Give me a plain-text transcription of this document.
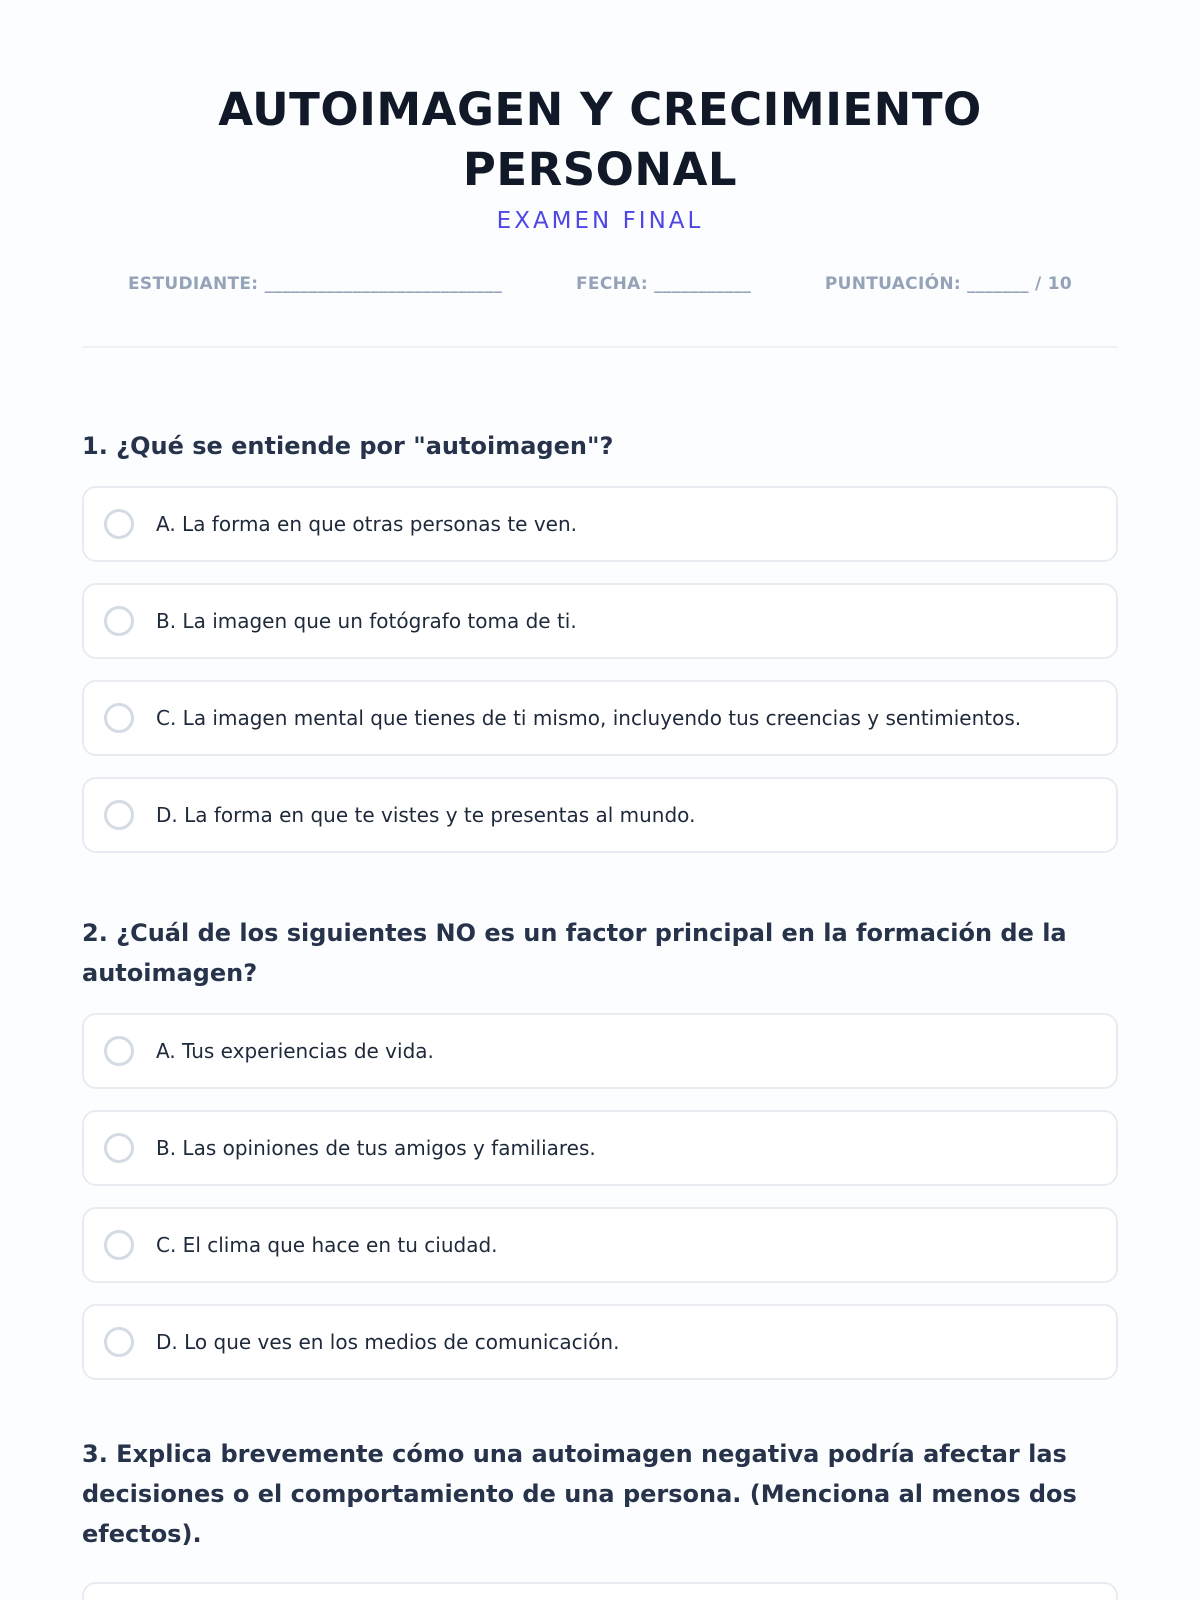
AUTOIMAGEN Y CRECIMIENTO PERSONAL
EXAMEN FINAL
ESTUDIANTE: ___________________________	FECHA: ___________	PUNTUACIÓN: _______ / 10

1. ¿Qué se entiende por "autoimagen"?

A. La forma en que otras personas te ven.
B. La imagen que un fotógrafo toma de ti.
C. La imagen mental que tienes de ti mismo, incluyendo tus creencias y sentimientos.
D. La forma en que te vistes y te presentas al mundo.

2. ¿Cuál de los siguientes NO es un factor principal en la formación de la autoimagen?

A. Tus experiencias de vida.
B. Las opiniones de tus amigos y familiares.
C. El clima que hace en tu ciudad.
D. Lo que ves en los medios de comunicación.

3. Explica brevemente cómo una autoimagen negativa podría afectar las decisiones o el comportamiento de una persona. (Menciona al menos dos efectos).
